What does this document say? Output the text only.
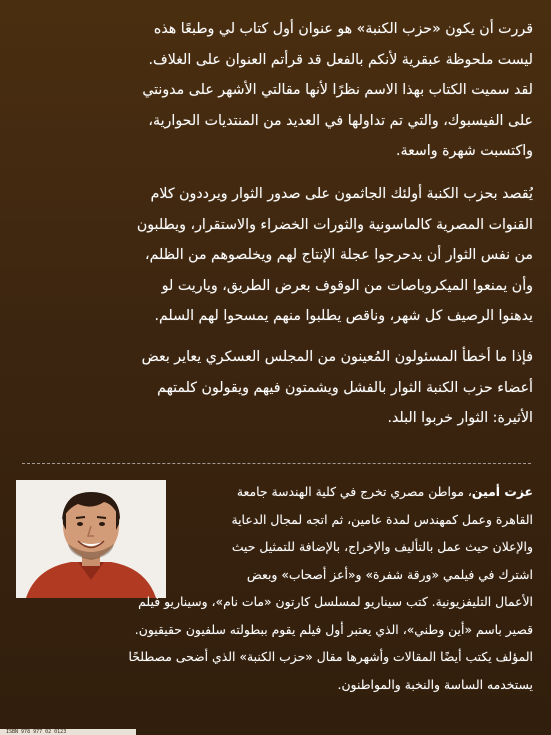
قررت أن يكون «حزب الكنبة» هو عنوان أول كتاب لي وطبعًا هذه
ليست ملحوظة عبقرية لأنكم بالفعل قد قرأتم العنوان على الغلاف.
لقد سميت الكتاب بهذا الاسم نظرًا لأنها مقالتي الأشهر على مدونتي
على الفيسبوك، والتي تم تداولها في العديد من المنتديات الحوارية،
واكتسبت شهرة واسعة.

يُقصد بحزب الكنبة أولئك الجاثمون على صدور الثوار ويرددون كلام
القنوات المصرية كالماسونية والثورات الخضراء والاستقرار، ويطلبون
من نفس الثوار أن يدحرجوا عجلة الإنتاج لهم ويخلصوهم من الظلم،
وأن يمنعوا الميكروباصات من الوقوف بعرض الطريق، وياريت لو
يدهنوا الرصيف كل شهر، وناقص يطلبوا منهم يمسحوا لهم السلم.

فإذا ما أخطأ المسئولون المُعينون من المجلس العسكري يعاير بعض
أعضاء حزب الكنبة الثوار بالفشل ويشمتون فيهم ويقولون كلمتهم
الأثيرة: الثوار خربوا البلد.

عزت أمين، مواطن مصري تخرج في كلية الهندسة جامعة
القاهرة وعمل كمهندس لمدة عامين، ثم اتجه لمجال الدعاية
والإعلان حيث عمل بالتأليف والإخراج، بالإضافة للتمثيل حيث
اشترك في فيلمي «ورقة شفرة» و«أعز أصحاب» وبعض
الأعمال التليفزيونية. كتب سيناريو لمسلسل كارتون «مات نام»، وسيناريو فيلم
قصير باسم «أين وطني»، الذي يعتبر أول فيلم يقوم ببطولته سلفيون حقيقيون.
المؤلف يكتب أيضًا المقالات وأشهرها مقال «حزب الكنبة» الذي أضحى مصطلحًا
يستخدمه الساسة والنخبة والمواطنون.
ISBN 978 977 02 0123
